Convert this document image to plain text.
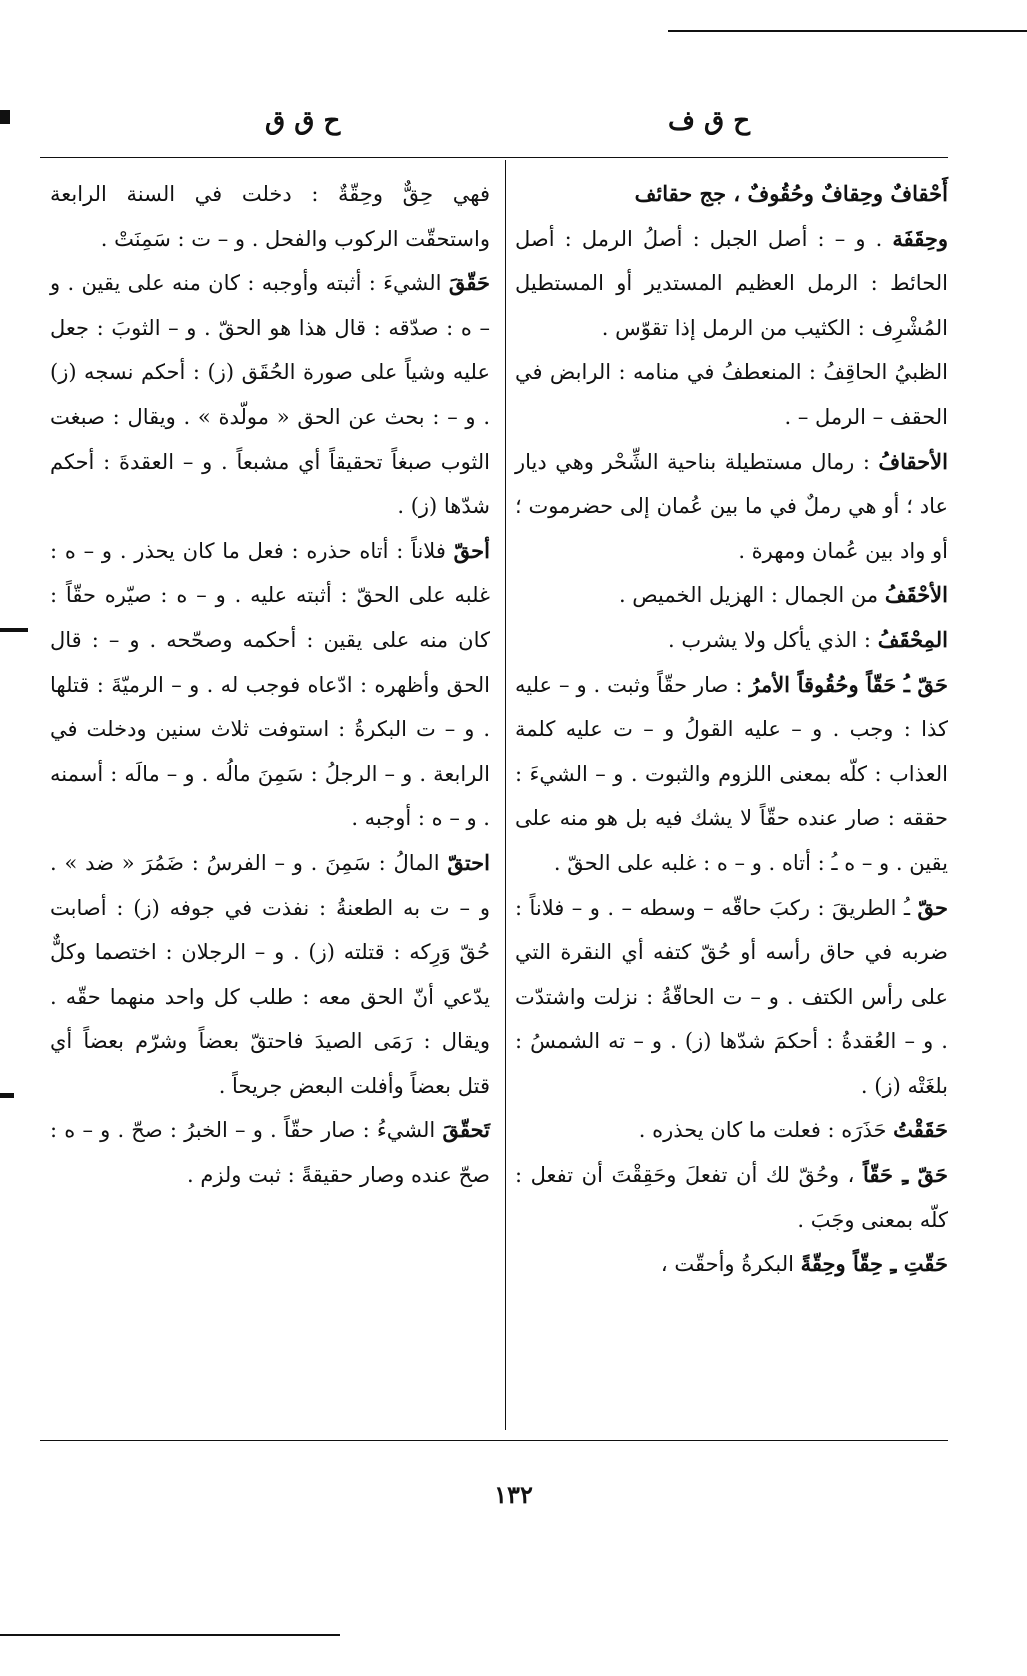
ح ق ف
ح ق ق

أَحْقافٌ وحِقافٌ وحُقُوفٌ ، جج حقائف

وحِقَفَة . و – : أصل الجبل : أصلُ الرمل : أصل الحائط : الرمل العظيم المستدير أو المستطيل المُشْرِف : الكثيب من الرمل إذا تقوّس .

الظبيُ الحاقِفُ : المنعطفُ في منامه : الرابض في الحقف – الرمل – .

الأحقافُ : رمال مستطيلة بناحية الشِّحْر وهي ديار عاد ؛ أو هي رملٌ في ما بين عُمان إلى حضرموت ؛ أو واد بين عُمان ومهرة .

الأحْقَفُ من الجمال : الهزيل الخميص .

المِحْقَفُ : الذي يأكل ولا يشرب .

حَقّ ـُ حَقّاً وحُقُوقاً الأمرُ : صار حقّاً وثبت . و – عليه كذا : وجب . و – عليه القولُ و – ت عليه كلمة العذاب : كلّه بمعنى اللزوم والثبوت . و – الشيءَ : حققه : صار عنده حقّاً لا يشك فيه بل هو منه على يقين . و – ه ـُ : أتاه . و – ه : غلبه على الحقّ .

حقّ ـُ الطريقَ : ركبَ حاقّه – وسطه – . و – فلاناً : ضربه في حاق رأسه أو حُقّ كتفه أي النقرة التي على رأس الكتف . و – ت الحاقّةُ : نزلت واشتدّت . و – العُقدةُ : أحكمَ شدّها (ز) . و – ته الشمسُ : بلغَتْه (ز) .

حَقَقْتُ حَذَرَه : فعلت ما كان يحذره .

حَقّ ـِ حَقّاً ، وحُقّ لك أن تفعلَ وحَقِقْتَ أن تفعل : كلّه بمعنى وجَبَ .

حَقّتِ ـِ حِقّاً وحِقّةً البكرةُ وأحقّت ،

فهي حِقٌّ وحِقّةٌ : دخلت في السنة الرابعة واستحقّت الركوب والفحل . و – ت : سَمِنَتْ .

حَقّقَ الشيءَ : أثبته وأوجبه : كان منه على يقين . و – ه : صدّقه : قال هذا هو الحقّ . و – الثوبَ : جعل عليه وشياً على صورة الحُقَق (ز) : أحكم نسجه (ز) . و – : بحث عن الحق « مولّدة » . ويقال : صبغت الثوب صبغاً تحقيقاً أي مشبعاً . و – العقدةَ : أحكم شدّها (ز) .

أحقّ فلاناً : أتاه حذره : فعل ما كان يحذر . و – ه : غلبه على الحقّ : أثبته عليه . و – ه : صيّره حقّاً : كان منه على يقين : أحكمه وصحّحه . و – : قال الحق وأظهره : ادّعاه فوجب له . و – الرميّةَ : قتلها . و – ت البكرةُ : استوفت ثلاث سنين ودخلت في الرابعة . و – الرجلُ : سَمِنَ مالُه . و – مالَه : أسمنه . و – ه : أوجبه .

احتقّ المالُ : سَمِنَ . و – الفرسُ : ضَمُرَ « ضد » . و – ت به الطعنةُ : نفذت في جوفه (ز) : أصابت حُقّ وَرِكه : قتلته (ز) . و – الرجلان : اختصما وكلٌّ يدّعي أنّ الحق معه : طلب كل واحد منهما حقّه . ويقال : رَمَى الصيدَ فاحتقّ بعضاً وشرّم بعضاً أي قتل بعضاً وأفلت البعض جريحاً .

تَحقّقَ الشيءُ : صار حقّاً . و – الخبرُ : صحّ . و – ه : صحّ عنده وصار حقيقةً : ثبت ولزم .

١٣٢
